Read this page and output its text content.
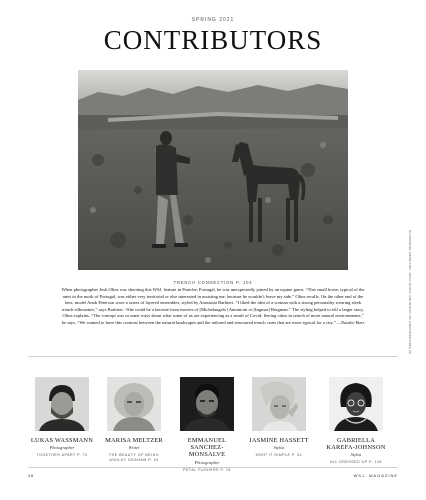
SPRING 2021
CONTRIBUTORS
TRENCH CONNECTION P. 104

When photographer Josh Olins was shooting this WSJ. feature in Peniche, Portugal, he was unexpectedly joined by an equine guest. “This small horse, typical of the ones in the north of Portugal, was either very territorial or else interested in assisting me, because he wouldn’t leave my side,” Olins recalls. On the other end of the lens, model Anok Peterson wore a series of layered ensembles, styled by Anastasia Barbieri. “I liked the idea of a woman with a strong personality wearing sleek trench silhouettes,” says Barbieri. “She could be a heroine from movies of [Michelangelo] Antonioni or [Ingmar] Bergman.” The styling helped to tell a larger story, Olins explains. “The concept was in some ways about what some of us are experiencing as a result of Covid: fleeing cities in search of more natural environments,” he says. “We wanted to have this contrast between the natural landscapes and the tailored and structured trench coats that are more typical for a city.” —Natalie Burr

LUKAS WASSMANN
Photographer
TOGETHER APART P. 70
MARISA MELTZER
Writer
THE BEAUTY OF BEING ASHLEY GRAHAM P. 94
EMMANUEL SANCHEZ-MONSALVE
Photographer
PETAL PUSHERS P. 76
JASMINE HASSETT
Stylist
KEEP IT SIMPLE P. 81
GABRIELLA KAREFA-JOHNSON
Stylist
ALL DRESSED UP P. 136
CLOCKWISE FROM TOP: JOSH OLINS; COURTESY OF CONTRIBUTORS (5)
38	WSJ. MAGAZINE
